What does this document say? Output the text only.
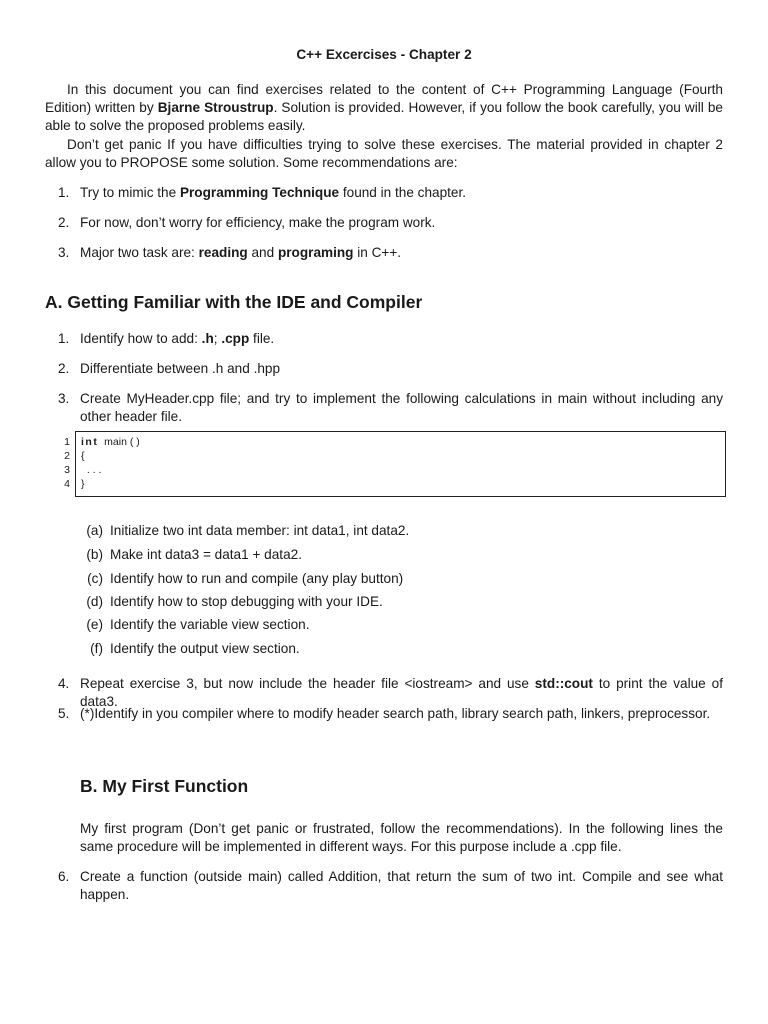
C++ Excercises - Chapter 2
In this document you can find exercises related to the content of C++ Programming Language (Fourth Edition) written by Bjarne Stroustrup. Solution is provided. However, if you follow the book carefully, you will be able to solve the proposed problems easily.
Don’t get panic If you have difficulties trying to solve these exercises. The material provided in chapter 2 allow you to PROPOSE some solution. Some recommendations are:
1. Try to mimic the Programming Technique found in the chapter.
2. For now, don’t worry for efficiency, make the program work.
3. Major two task are: reading and programing in C++.
A. Getting Familiar with the IDE and Compiler
1. Identify how to add: .h; .cpp file.
2. Differentiate between .h and .hpp
3. Create MyHeader.cpp file; and try to implement the following calculations in main without including any other header file.
1 int  main ( )
2 {
3 . . .
4 }
(a) Initialize two int data member: int data1, int data2.
(b) Make int data3 = data1 + data2.
(c) Identify how to run and compile (any play button)
(d) Identify how to stop debugging with your IDE.
(e) Identify the variable view section.
(f) Identify the output view section.
4. Repeat exercise 3, but now include the header file <iostream> and use std::cout to print the value of data3.
5. (*)Identify in you compiler where to modify header search path, library search path, linkers, preprocessor.
B. My First Function
My first program (Don’t get panic or frustrated, follow the recommendations). In the following lines the same procedure will be implemented in different ways. For this purpose include a .cpp file.
6. Create a function (outside main) called Addition, that return the sum of two int. Compile and see what happen.
